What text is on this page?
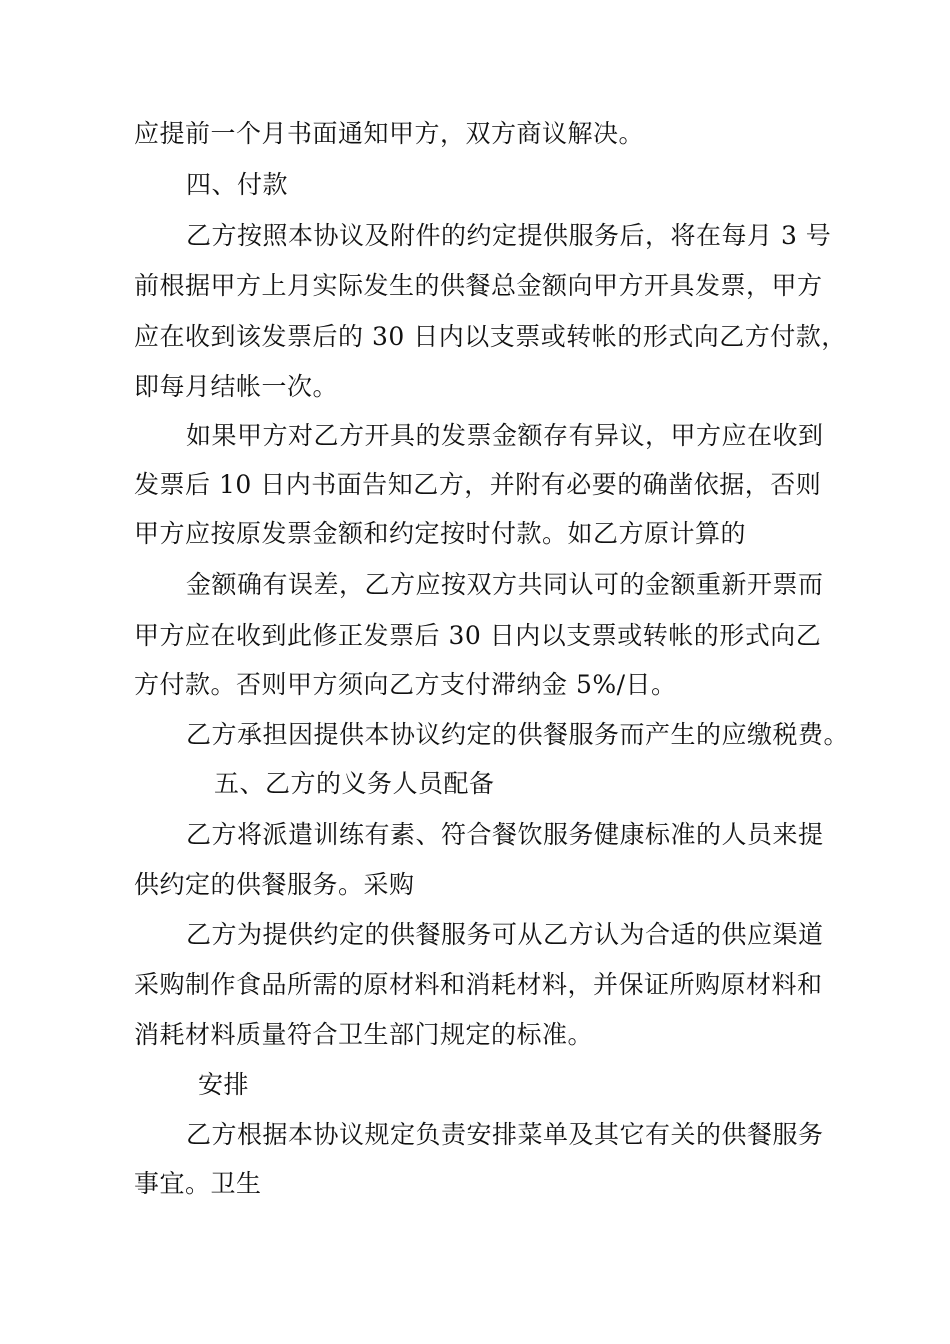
应提前一个月书面通知甲方，双方商议解决。
四、付款
乙方按照本协议及附件的约定提供服务后，将在每月 3 号
前根据甲方上月实际发生的供餐总金额向甲方开具发票，甲方
应在收到该发票后的 30 日内以支票或转帐的形式向乙方付款，
即每月结帐一次。
如果甲方对乙方开具的发票金额存有异议，甲方应在收到
发票后 10 日内书面告知乙方，并附有必要的确凿依据，否则
甲方应按原发票金额和约定按时付款。如乙方原计算的
金额确有误差，乙方应按双方共同认可的金额重新开票而
甲方应在收到此修正发票后 30 日内以支票或转帐的形式向乙
方付款。否则甲方须向乙方支付滞纳金 5%/日。
乙方承担因提供本协议约定的供餐服务而产生的应缴税费。
五、乙方的义务人员配备
乙方将派遣训练有素、符合餐饮服务健康标准的人员来提
供约定的供餐服务。采购
乙方为提供约定的供餐服务可从乙方认为合适的供应渠道
采购制作食品所需的原材料和消耗材料，并保证所购原材料和
消耗材料质量符合卫生部门规定的标准。
安排
乙方根据本协议规定负责安排菜单及其它有关的供餐服务
事宜。卫生
